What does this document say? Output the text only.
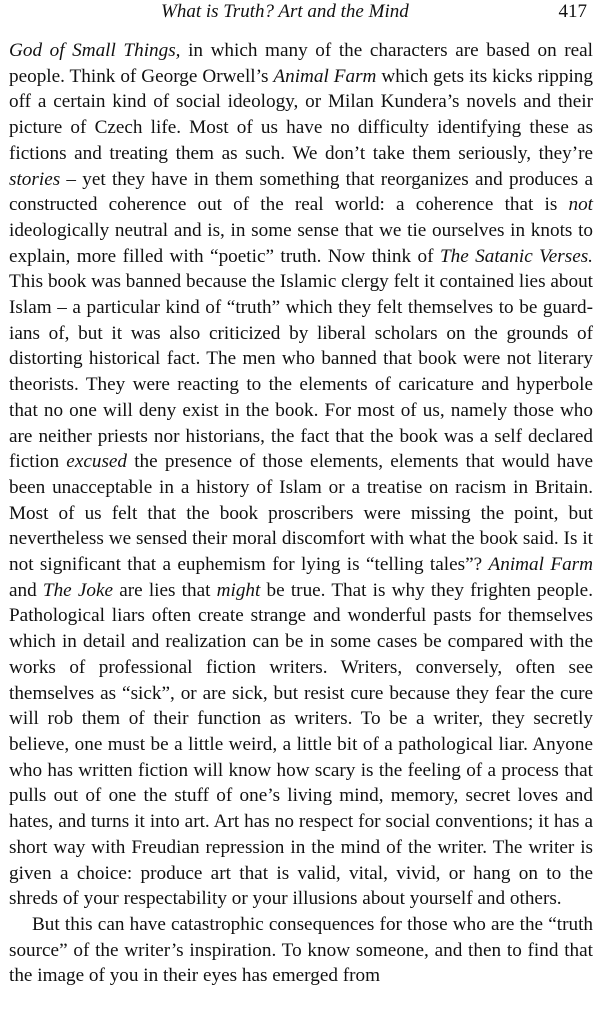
What is Truth? Art and the Mind	417

God of Small Things, in which many of the characters are based on real people. Think of George Orwell’s Animal Farm which gets its kicks ripping off a certain kind of social ideology, or Milan Kundera’s novels and their picture of Czech life. Most of us have no difficulty identifying these as fictions and treating them as such. We don’t take them seriously, they’re stories – yet they have in them something that reorganizes and produces a constructed coherence out of the real world: a coherence that is not ideologically neutral and is, in some sense that we tie ourselves in knots to explain, more filled with “poetic” truth. Now think of The Satanic Verses. This book was banned because the Islamic clergy felt it contained lies about Islam – a particular kind of “truth” which they felt themselves to be guardians of, but it was also criticized by liberal scholars on the grounds of distorting historical fact. The men who banned that book were not literary theorists. They were reacting to the elements of caricature and hyperbole that no one will deny exist in the book. For most of us, namely those who are neither priests nor historians, the fact that the book was a self declared fiction excused the presence of those elements, elements that would have been unacceptable in a history of Islam or a treatise on racism in Britain. Most of us felt that the book proscribers were missing the point, but nevertheless we sensed their moral discomfort with what the book said. Is it not significant that a euphemism for lying is “telling tales”? Animal Farm and The Joke are lies that might be true. That is why they frighten people. Pathological liars often create strange and wonderful pasts for themselves which in detail and realization can be in some cases be compared with the works of professional fiction writers. Writers, conversely, often see themselves as “sick”, or are sick, but resist cure because they fear the cure will rob them of their function as writers. To be a writer, they secretly believe, one must be a little weird, a little bit of a pathological liar. Anyone who has written fiction will know how scary is the feeling of a process that pulls out of one the stuff of one’s living mind, memory, secret loves and hates, and turns it into art. Art has no respect for social conventions; it has a short way with Freudian repression in the mind of the writer. The writer is given a choice: produce art that is valid, vital, vivid, or hang on to the shreds of your respectability or your illusions about yourself and others.

But this can have catastrophic consequences for those who are the “truth source” of the writer’s inspiration. To know someone, and then to find that the image of you in their eyes has emerged from
